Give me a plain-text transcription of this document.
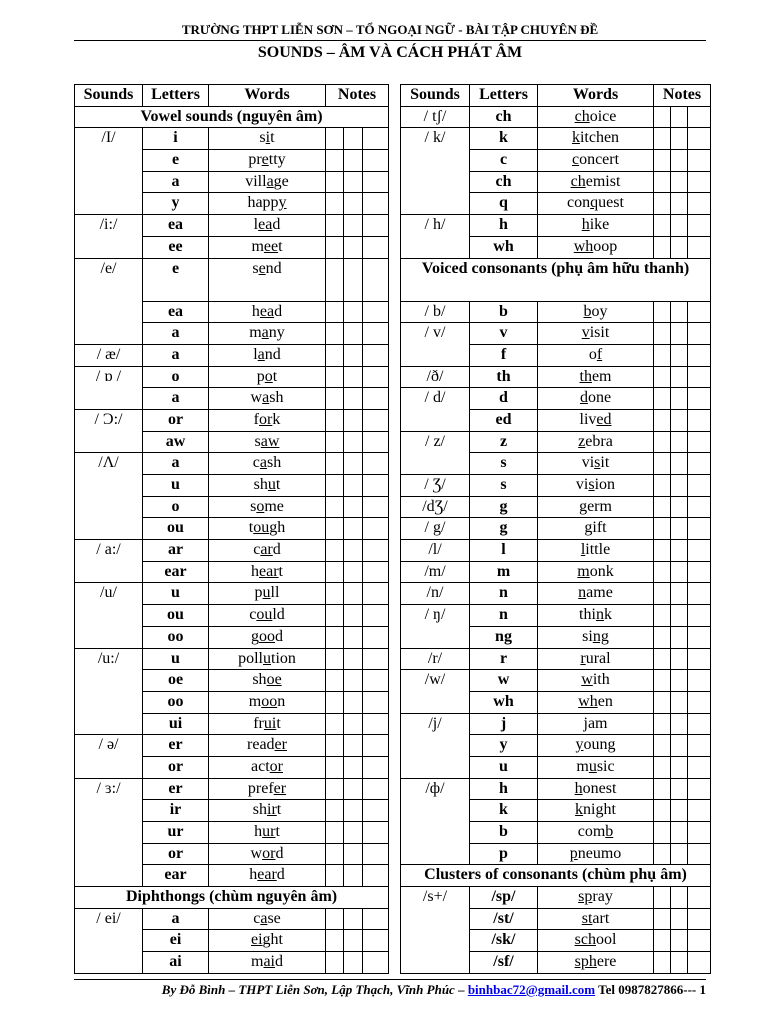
TRƯỜNG THPT LIỄN SƠN – TỔ NGOẠI NGỮ - BÀI TẬP CHUYÊN ĐỀ
SOUNDS – ÂM VÀ CÁCH PHÁT ÂM
Sounds	Letters	Words	Notes		
Vowel sounds (nguyên âm)					
/I/	i	sit			
	e	pretty			
	a	village			
	y	happy			
/i:/	ea	lead			
	ee	meet			
/e/	e	send			
	ea	head			
	a	many			
/ æ/	a	land			
/ ɒ /	o	pot			
	a	wash			
/ Ɔ:/	or	fork			
	aw	saw			
/Λ/	a	cash			
	u	shut			
	o	some			
	ou	tough			
/ a:/	ar	card			
	ear	heart			
/u/	u	pull			
	ou	could			
	oo	good			
/u:/	u	pollution			
	oe	shoe			
	oo	moon			
	ui	fruit			
/ ə/	er	reader			
	or	actor			
/ ɜ:/	er	prefer			
	ir	shirt			
	ur	hurt			
	or	word			
	ear	heard			
Diphthongs (chùm nguyên âm)					
/ ei/	a	case			
	ei	eight			
	ai	maid			
Sounds	Letters	Words	Notes		
/ tʃ/	ch	choice			
/ k/	k	kitchen			
	c	concert			
	ch	chemist			
	q	conquest			
/ h/	h	hike			
	wh	whoop			
Voiced consonants (phụ âm hữu thanh)					
/ b/	b	boy			
/ v/	v	visit			
	f	of			
/ð/	th	them			
/ d/	d	done			
	ed	lived			
/ z/	z	zebra			
	s	visit			
/ Ʒ/	s	vision			
/dƷ/	g	germ			
/ g/	g	gift			
/l/	l	little			
/m/	m	monk			
/n/	n	name			
/ ŋ/	n	think			
	ng	sing			
/r/	r	rural			
/w/	w	with			
	wh	when			
/j/	j	jam			
	y	young			
	u	music			
/ф/	h	honest			
	k	knight			
	b	comb			
	p	pneumo			
Clusters of consonants (chùm phụ âm)					
/s+/	/sp/	spray			
	/st/	start			
	/sk/	school			
	/sf/	sphere			
By Đỗ Bình – THPT Liễn Sơn, Lập Thạch, Vĩnh Phúc – binhbac72@gmail.com Tel 0987827866--- 1
